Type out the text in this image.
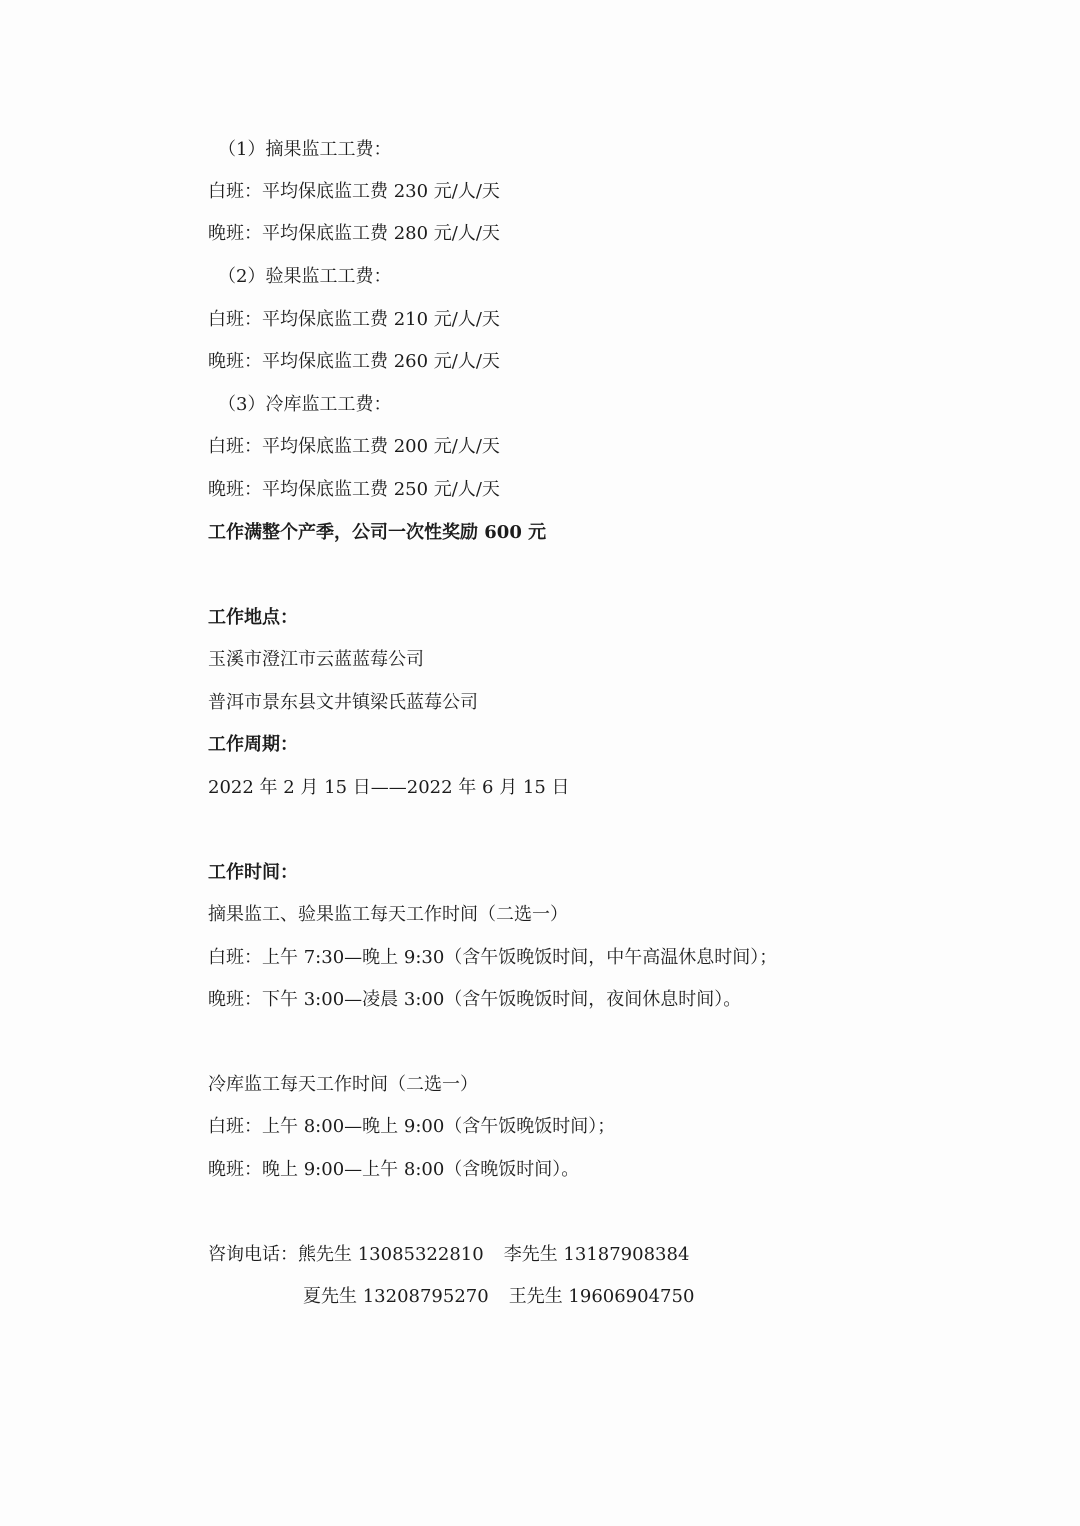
（1）摘果监工工费：
白班：平均保底监工费 230 元/人/天
晚班：平均保底监工费 280 元/人/天
（2）验果监工工费：
白班：平均保底监工费 210 元/人/天
晚班：平均保底监工费 260 元/人/天
（3）冷库监工工费：
白班：平均保底监工费 200 元/人/天
晚班：平均保底监工费 250 元/人/天
工作满整个产季，公司一次性奖励 600 元
工作地点：
玉溪市澄江市云蓝蓝莓公司
普洱市景东县文井镇梁氏蓝莓公司
工作周期：
2022 年 2 月 15 日——2022 年 6 月 15 日
工作时间：
摘果监工、验果监工每天工作时间（二选一）
白班：上午 7:30—晚上 9:30（含午饭晚饭时间，中午高温休息时间）；
晚班：下午 3:00—凌晨 3:00（含午饭晚饭时间，夜间休息时间）。
冷库监工每天工作时间（二选一）
白班：上午 8:00—晚上 9:00（含午饭晚饭时间）；
晚班：晚上 9:00—上午 8:00（含晚饭时间）。
咨询电话：熊先生 13085322810 李先生 13187908384
夏先生 13208795270 王先生 19606904750
